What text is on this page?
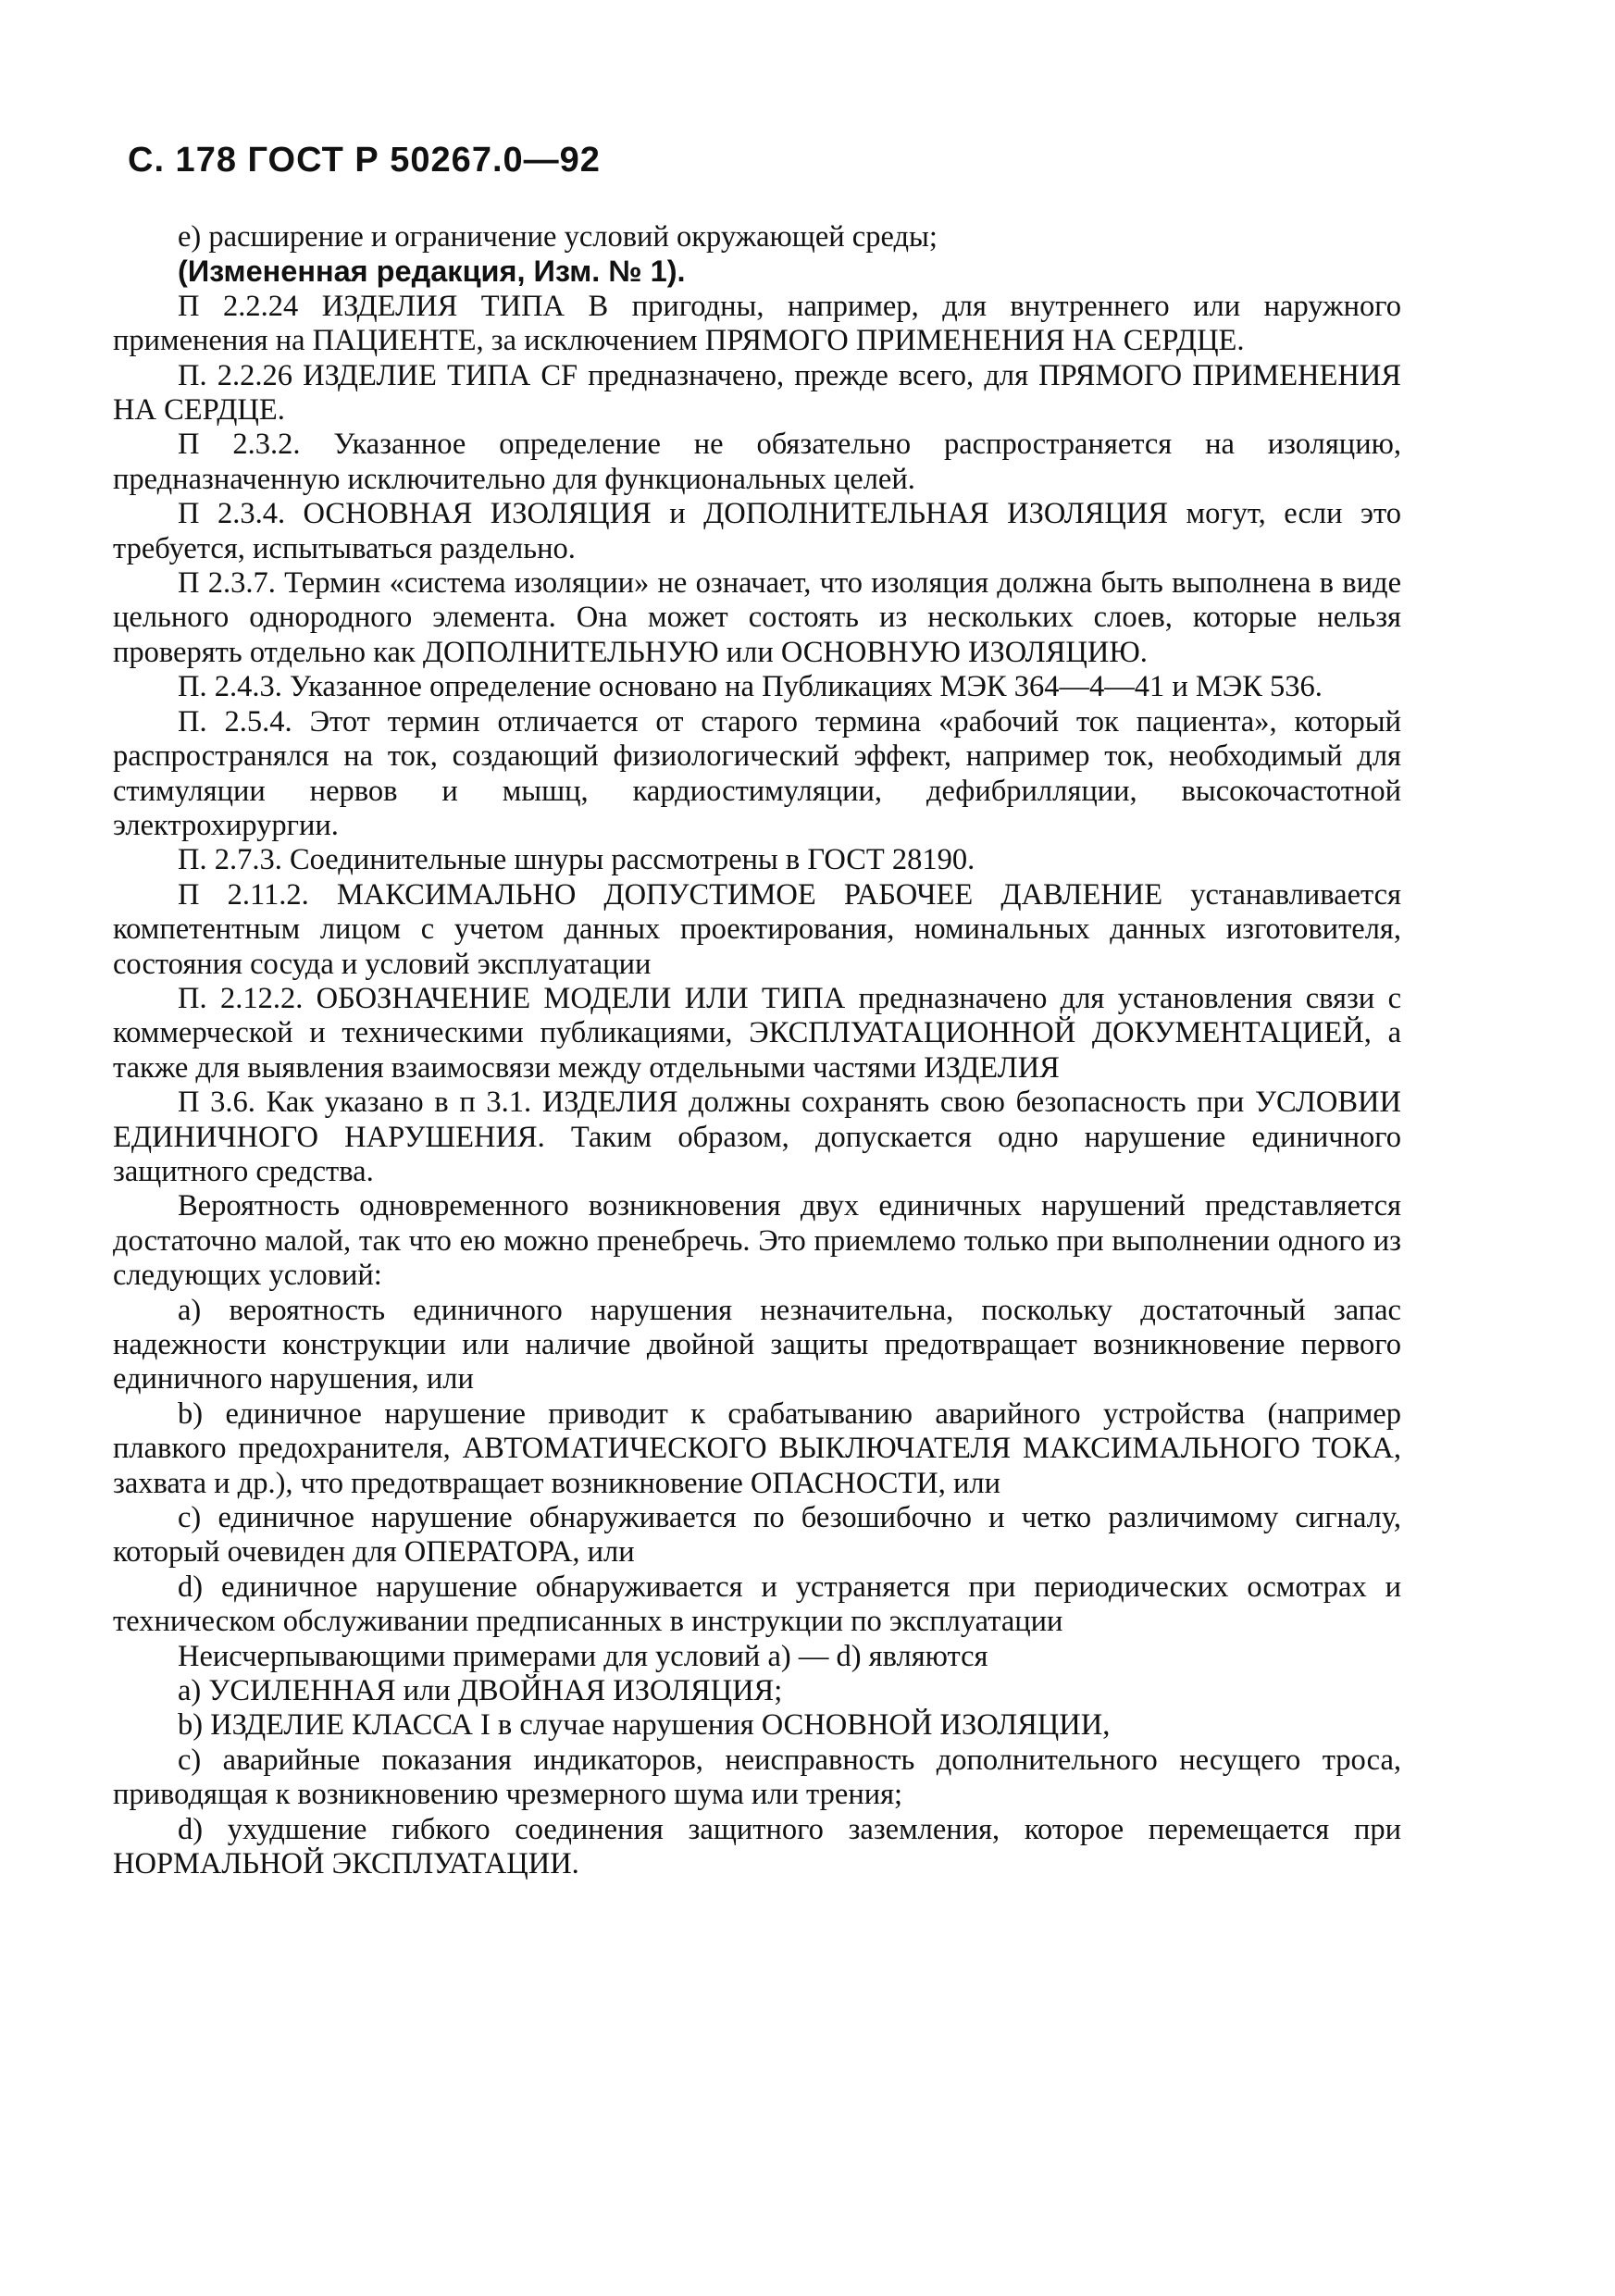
С. 178 ГОСТ Р 50267.0—92

е) расширение и ограничение условий окружающей среды;

(Измененная редакция, Изм. № 1).

П 2.2.24 ИЗДЕЛИЯ ТИПА В пригодны, например, для внутреннего или наружного применения на ПАЦИЕНТЕ, за исключением ПРЯМОГО ПРИМЕНЕНИЯ НА СЕРДЦЕ.

П. 2.2.26 ИЗДЕЛИЕ ТИПА CF предназначено, прежде всего, для ПРЯМОГО ПРИМЕНЕНИЯ НА СЕРДЦЕ.

П 2.3.2. Указанное определение не обязательно распространяется на изоляцию, предназначенную исключительно для функциональных целей.

П 2.3.4. ОСНОВНАЯ ИЗОЛЯЦИЯ и ДОПОЛНИТЕЛЬНАЯ ИЗОЛЯЦИЯ могут, если это требуется, испытываться раздельно.

П 2.3.7. Термин «система изоляции» не означает, что изоляция должна быть выполнена в виде цельного однородного элемента. Она может состоять из нескольких слоев, которые нельзя проверять отдельно как ДОПОЛНИТЕЛЬНУЮ или ОСНОВНУЮ ИЗОЛЯЦИЮ.

П. 2.4.3. Указанное определение основано на Публикациях МЭК 364—4—41 и МЭК 536.

П. 2.5.4. Этот термин отличается от старого термина «рабочий ток пациента», который распространялся на ток, создающий физиологический эффект, например ток, необходимый для стимуляции нервов и мышц, кардиостимуляции, дефибрилляции, высокочастотной электрохирургии.

П. 2.7.3. Соединительные шнуры рассмотрены в ГОСТ 28190.

П 2.11.2. МАКСИМАЛЬНО ДОПУСТИМОЕ РАБОЧЕЕ ДАВЛЕНИЕ устанавливается компетентным лицом с учетом данных проектирования, номинальных данных изготовителя, состояния сосуда и условий эксплуатации

П. 2.12.2. ОБОЗНАЧЕНИЕ МОДЕЛИ ИЛИ ТИПА предназначено для установления связи с коммерческой и техническими публикациями, ЭКСПЛУАТАЦИОННОЙ ДОКУМЕНТАЦИЕЙ, а также для выявления взаимосвязи между отдельными частями ИЗДЕЛИЯ

П 3.6. Как указано в п 3.1. ИЗДЕЛИЯ должны сохранять свою безопасность при УСЛОВИИ ЕДИНИЧНОГО НАРУШЕНИЯ. Таким образом, допускается одно нарушение единичного защитного средства.

Вероятность одновременного возникновения двух единичных нарушений представляется достаточно малой, так что ею можно пренебречь. Это приемлемо только при выполнении одного из следующих условий:

а) вероятность единичного нарушения незначительна, поскольку достаточный запас надежности конструкции или наличие двойной защиты предотвращает возникновение первого единичного нарушения, или

b) единичное нарушение приводит к срабатыванию аварийного устройства (например плавкого предохранителя, АВТОМАТИЧЕСКОГО ВЫКЛЮЧАТЕЛЯ МАКСИМАЛЬНОГО ТОКА, захвата и др.), что предотвращает возникновение ОПАСНОСТИ, или

с) единичное нарушение обнаруживается по безошибочно и четко различимому сигналу, который очевиден для ОПЕРАТОРА, или

d) единичное нарушение обнаруживается и устраняется при периодических осмотрах и техническом обслуживании предписанных в инструкции по эксплуатации

Неисчерпывающими примерами для условий а) — d) являются

а) УСИЛЕННАЯ или ДВОЙНАЯ ИЗОЛЯЦИЯ;

b) ИЗДЕЛИЕ КЛАССА I в случае нарушения ОСНОВНОЙ ИЗОЛЯЦИИ,

с) аварийные показания индикаторов, неисправность дополнительного несущего троса, приводящая к возникновению чрезмерного шума или трения;

d) ухудшение гибкого соединения защитного заземления, которое перемещается при НОРМАЛЬНОЙ ЭКСПЛУАТАЦИИ.
